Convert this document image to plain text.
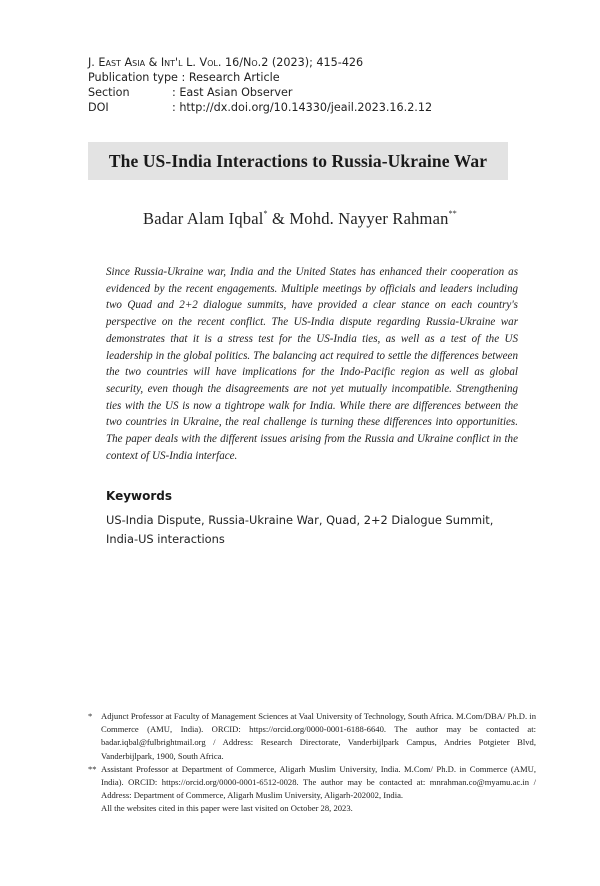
J. East Asia & Int'l L. Vol. 16/No.2 (2023); 415-426
Publication type :
Research Article
Section	: East Asian Observer
DOI	: http://dx.doi.org/10.14330/jeail.2023.16.2.12
The US-India Interactions to Russia-Ukraine War
Badar Alam Iqbal* & Mohd. Nayyer Rahman**
Since Russia-Ukraine war, India and the United States has enhanced their cooperation as evidenced by the recent engagements. Multiple meetings by officials and leaders including two Quad and 2+2 dialogue summits, have provided a clear stance on each country's perspective on the recent conflict. The US-India dispute regarding Russia-Ukraine war demonstrates that it is a stress test for the US-India ties, as well as a test of the US leadership in the global politics. The balancing act required to settle the differences between the two countries will have implications for the Indo-Pacific region as well as global security, even though the disagreements are not yet mutually incompatible. Strengthening ties with the US is now a tightrope walk for India. While there are differences between the two countries in Ukraine, the real challenge is turning these differences into opportunities. The paper deals with the different issues arising from the Russia and Ukraine conflict in the context of US-India interface.
Keywords
US-India Dispute, Russia-Ukraine War, Quad, 2+2 Dialogue Summit, India-US interactions
*	Adjunct Professor at Faculty of Management Sciences at Vaal University of Technology, South Africa. M.Com/DBA/ Ph.D. in Commerce (AMU, India). ORCID: https://orcid.org/0000-0001-6188-6640. The author may be contacted at: badar.iqbal@fulbrightmail.org / Address: Research Directorate, Vanderbijlpark Campus, Andries Potgieter Blvd, Vanderbijlpark, 1900, South Africa.
** Assistant Professor at Department of Commerce, Aligarh Muslim University, India. M.Com/ Ph.D. in Commerce (AMU, India). ORCID: https://orcid.org/0000-0001-6512-0028. The author may be contacted at: mnrahman.co@myamu.ac.in / Address: Department of Commerce, Aligarh Muslim University, Aligarh-202002, India.
All the websites cited in this paper were last visited on October 28, 2023.
